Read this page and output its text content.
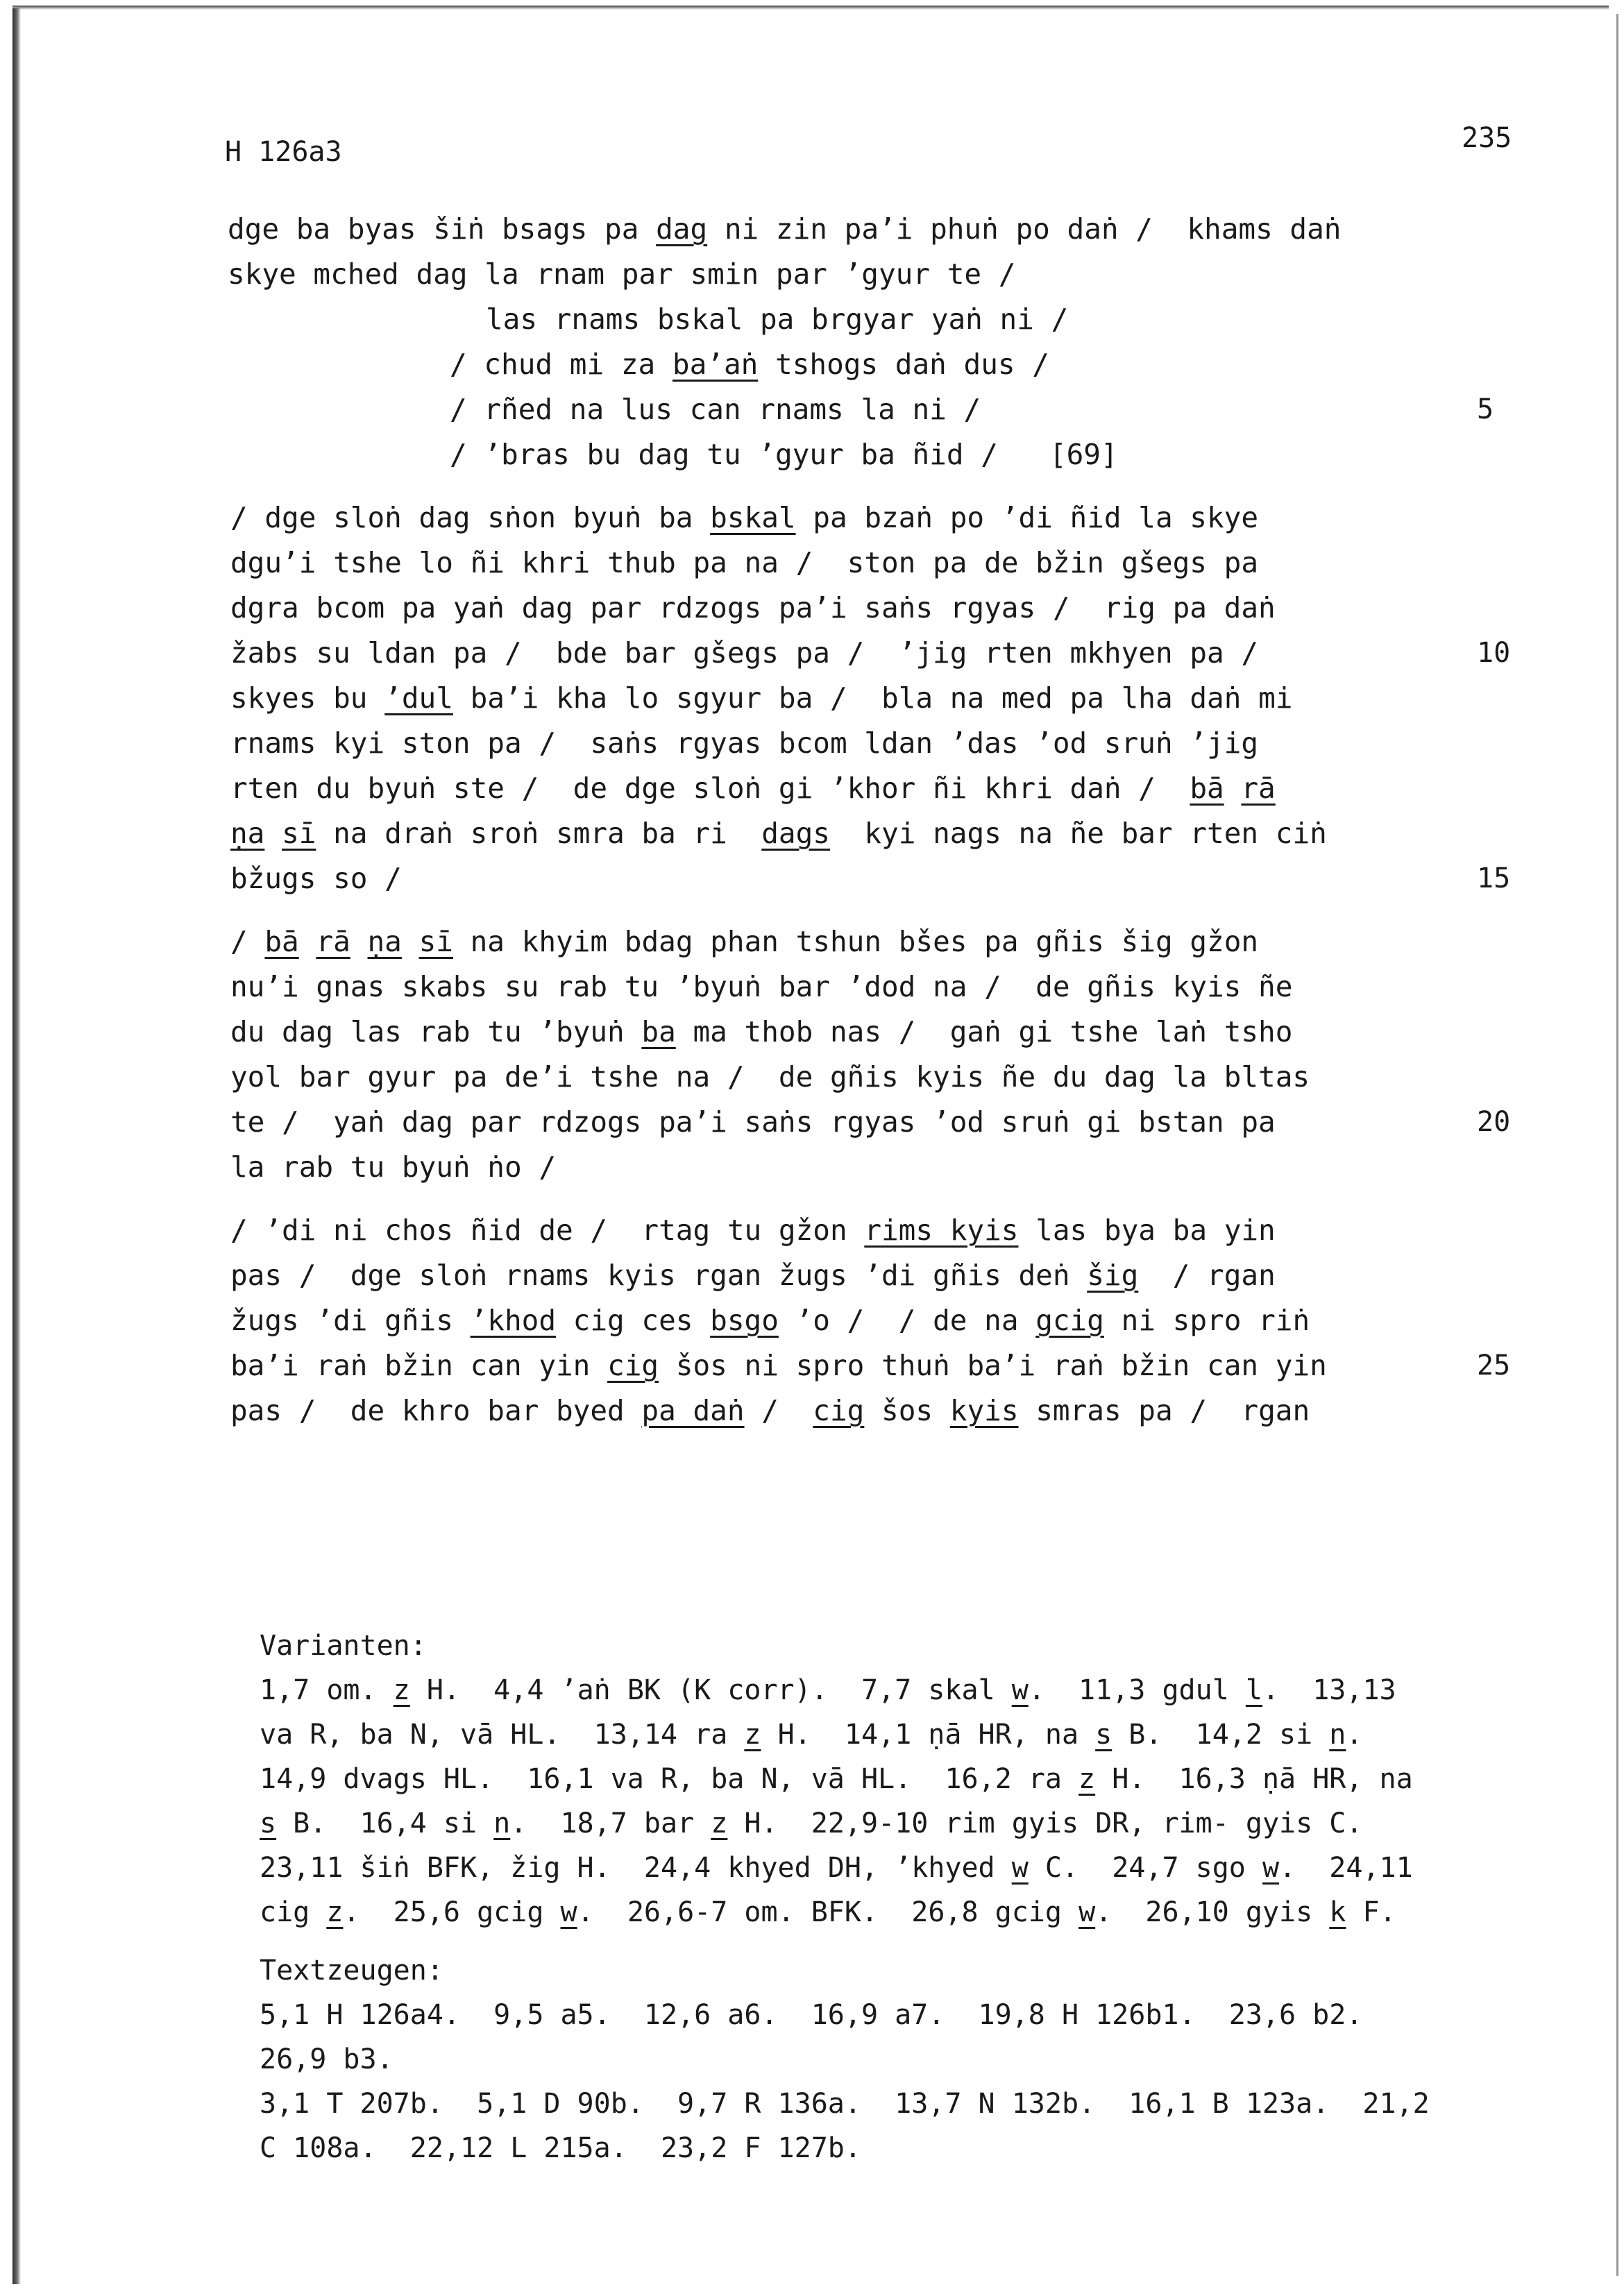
H 126a3	235
dge ba byas šiṅ bsags pa dag ni zin pa’i phuṅ po daṅ /  khams daṅ
skye mched dag la rnam par smin par ’gyur te /
las rnams bskal pa brgyar yaṅ ni /
/ chud mi za ba’aṅ tshogs daṅ dus /
/ rñed na lus can rnams la ni /	5
/ ’bras bu dag tu ’gyur ba ñid /   [69]
/ dge sloṅ dag sṅon byuṅ ba bskal pa bzaṅ po ’di ñid la skye
dgu’i tshe lo ñi khri thub pa na /  ston pa de bžin gšegs pa
dgra bcom pa yaṅ dag par rdzogs pa’i saṅs rgyas /  rig pa daṅ
žabs su ldan pa /  bde bar gšegs pa /  ’jig rten mkhyen pa /	10
skyes bu ’dul ba’i kha lo sgyur ba /  bla na med pa lha daṅ mi
rnams kyi ston pa /  saṅs rgyas bcom ldan ’das ’od sruṅ ’jig
rten du byuṅ ste /  de dge sloṅ gi ’khor ñi khri daṅ /  bā rā
ṇa sī na draṅ sroṅ smra ba ri  dags  kyi nags na ñe bar rten ciṅ
bžugs so /	15
/ bā rā ṇa sī na khyim bdag phan tshun bšes pa gñis šig gžon
nu’i gnas skabs su rab tu ’byuṅ bar ’dod na /  de gñis kyis ñe
du dag las rab tu ’byuṅ ba ma thob nas /  gaṅ gi tshe laṅ tsho
yol bar gyur pa de’i tshe na /  de gñis kyis ñe du dag la bltas
te /  yaṅ dag par rdzogs pa’i saṅs rgyas ’od sruṅ gi bstan pa	20
la rab tu byuṅ ṅo /
/ ’di ni chos ñid de /  rtag tu gžon rims kyis las bya ba yin
pas /  dge sloṅ rnams kyis rgan žugs ’di gñis deṅ šig  / rgan
žugs ’di gñis ’khod cig ces bsgo ’o /  / de na gcig ni spro riṅ
ba’i raṅ bžin can yin cig šos ni spro thuṅ ba’i raṅ bžin can yin	25
pas /  de khro bar byed pa daṅ /  cig šos kyis smras pa /  rgan
Varianten:
1,7 om. z H.  4,4 ’aṅ BK (K corr).  7,7 skal w.  11,3 gdul l.  13,13
va R, ba N, vā HL.  13,14 ra z H.  14,1 ṇā HR, na s B.  14,2 si n.
14,9 dvags HL.  16,1 va R, ba N, vā HL.  16,2 ra z H.  16,3 ṇā HR, na
s B.  16,4 si n.  18,7 bar z H.  22,9-10 rim gyis DR, rim- gyis C.
23,11 šiṅ BFK, žig H.  24,4 khyed DH, ’khyed w C.  24,7 sgo w.  24,11
cig z.  25,6 gcig w.  26,6-7 om. BFK.  26,8 gcig w.  26,10 gyis k F.
Textzeugen:
5,1 H 126a4.  9,5 a5.  12,6 a6.  16,9 a7.  19,8 H 126b1.  23,6 b2.
26,9 b3.
3,1 T 207b.  5,1 D 90b.  9,7 R 136a.  13,7 N 132b.  16,1 B 123a.  21,2
C 108a.  22,12 L 215a.  23,2 F 127b.
